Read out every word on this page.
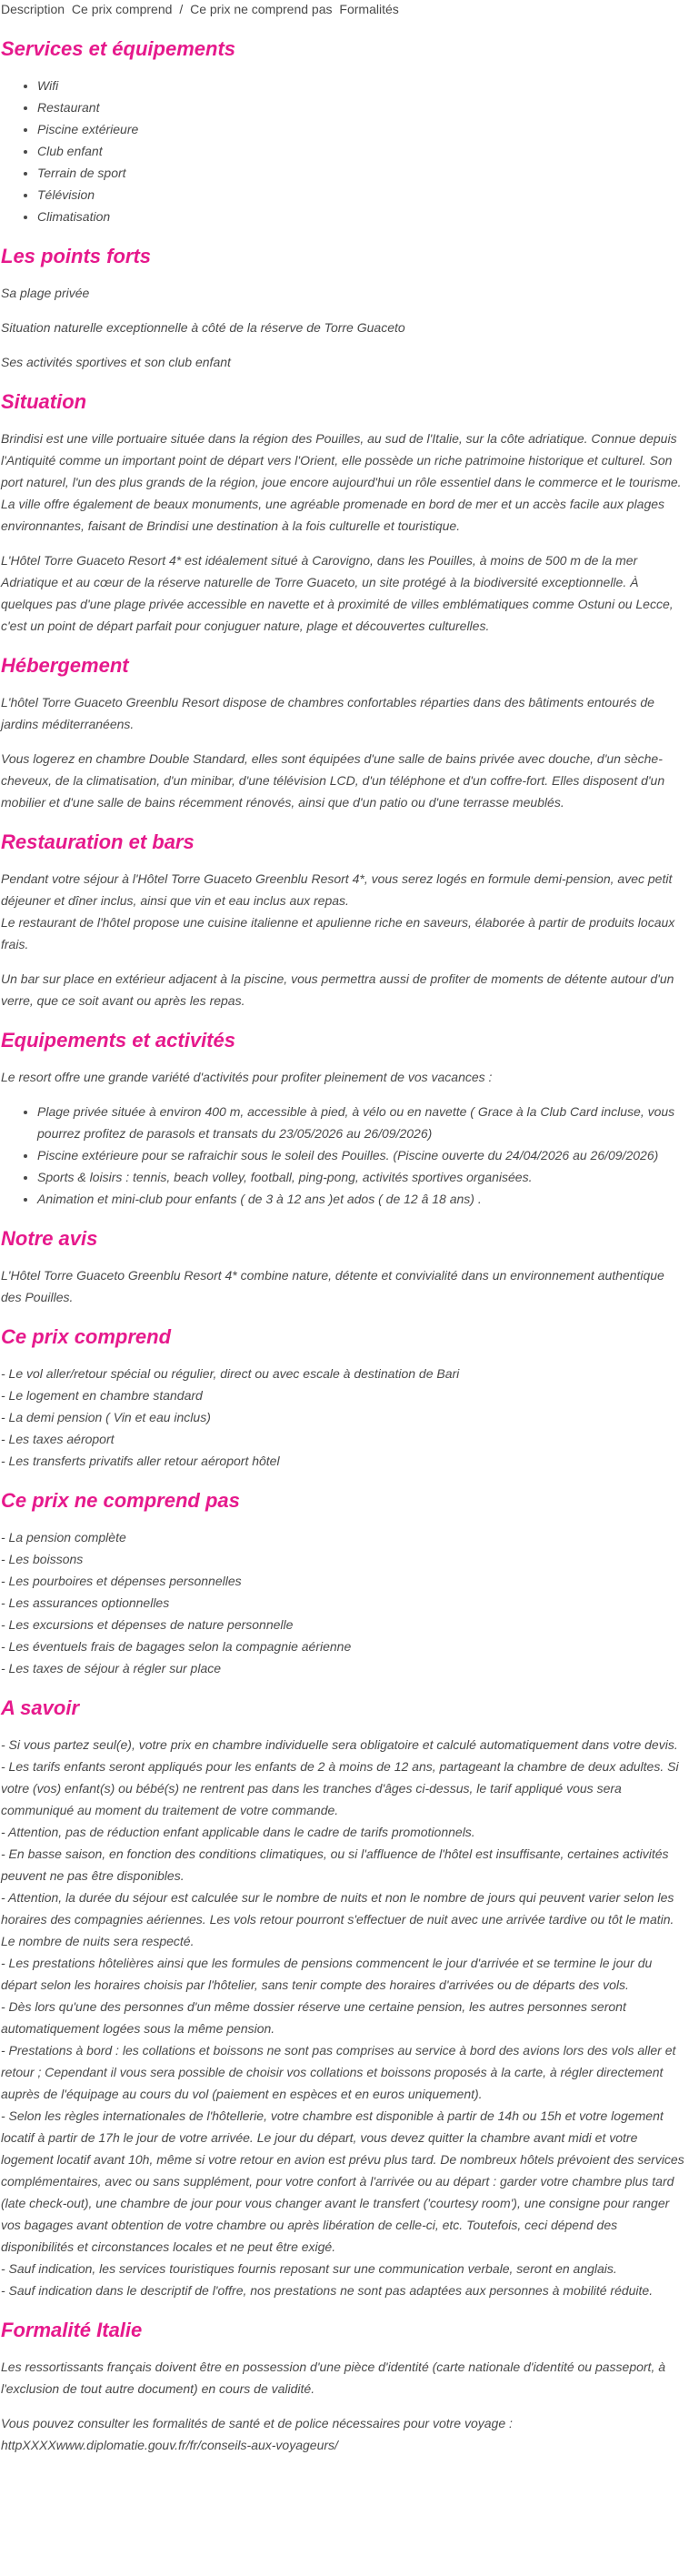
Description Ce prix comprend / Ce prix ne comprend pas Formalités
Services et équipements
• Wifi
• Restaurant
• Piscine extérieure
• Club enfant
• Terrain de sport
• Télévision
• Climatisation
Les points forts

Sa plage privée

Situation naturelle exceptionnelle à côté de la réserve de Torre Guaceto

Ses activités sportives et son club enfant

Situation

Brindisi est une ville portuaire située dans la région des Pouilles, au sud de l'Italie, sur la côte adriatique. Connue depuis l'Antiquité comme un important point de départ vers l'Orient, elle possède un riche patrimoine historique et culturel. Son port naturel, l'un des plus grands de la région, joue encore aujourd'hui un rôle essentiel dans le commerce et le tourisme. La ville offre également de beaux monuments, une agréable promenade en bord de mer et un accès facile aux plages environnantes, faisant de Brindisi une destination à la fois culturelle et touristique.

L'Hôtel Torre Guaceto Resort 4* est idéalement situé à Carovigno, dans les Pouilles, à moins de 500 m de la mer Adriatique et au cœur de la réserve naturelle de Torre Guaceto, un site protégé à la biodiversité exceptionnelle. À quelques pas d'une plage privée accessible en navette et à proximité de villes emblématiques comme Ostuni ou Lecce, c'est un point de départ parfait pour conjuguer nature, plage et découvertes culturelles.

Hébergement

L'hôtel Torre Guaceto Greenblu Resort dispose de chambres confortables réparties dans des bâtiments entourés de jardins méditerranéens.

Vous logerez en chambre Double Standard, elles sont équipées d'une salle de bains privée avec douche, d'un sèche-cheveux, de la climatisation, d'un minibar, d'une télévision LCD, d'un téléphone et d'un coffre-fort. Elles disposent d'un mobilier et d'une salle de bains récemment rénovés, ainsi que d'un patio ou d'une terrasse meublés.

Restauration et bars
Pendant votre séjour à l'Hôtel Torre Guaceto Greenblu Resort 4*, vous serez logés en formule demi-pension, avec petit déjeuner et dîner inclus, ainsi que vin et eau inclus aux repas.
Le restaurant de l'hôtel propose une cuisine italienne et apulienne riche en saveurs, élaborée à partir de produits locaux frais.

Un bar sur place en extérieur adjacent à la piscine, vous permettra aussi de profiter de moments de détente autour d'un verre, que ce soit avant ou après les repas.

Equipements et activités

Le resort offre une grande variété d'activités pour profiter pleinement de vos vacances :

• Plage privée située à environ 400 m, accessible à pied, à vélo ou en navette ( Grace à la Club Card incluse, vous pourrez profitez de parasols et transats du 23/05/2026 au 26/09/2026)
• Piscine extérieure pour se rafraichir sous le soleil des Pouilles. (Piscine ouverte du 24/04/2026 au 26/09/2026)
• Sports & loisirs : tennis, beach volley, football, ping-pong, activités sportives organisées.
• Animation et mini-club pour enfants ( de 3 à 12 ans )et ados ( de 12 â 18 ans) .
Notre avis

L'Hôtel Torre Guaceto Greenblu Resort 4* combine nature, détente et convivialité dans un environnement authentique des Pouilles.

Ce prix comprend
- Le vol aller/retour spécial ou régulier, direct ou avec escale à destination de Bari
- Le logement en chambre standard
- La demi pension ( Vin et eau inclus)
- Les taxes aéroport
- Les transferts privatifs aller retour aéroport hôtel
Ce prix ne comprend pas
- La pension complète
- Les boissons
- Les pourboires et dépenses personnelles
- Les assurances optionnelles
- Les excursions et dépenses de nature personnelle
- Les éventuels frais de bagages selon la compagnie aérienne
- Les taxes de séjour à régler sur place
A savoir
- Si vous partez seul(e), votre prix en chambre individuelle sera obligatoire et calculé automatiquement dans votre devis.
- Les tarifs enfants seront appliqués pour les enfants de 2 à moins de 12 ans, partageant la chambre de deux adultes. Si votre (vos) enfant(s) ou bébé(s) ne rentrent pas dans les tranches d'âges ci-dessus, le tarif appliqué vous sera communiqué au moment du traitement de votre commande.
- Attention, pas de réduction enfant applicable dans le cadre de tarifs promotionnels.
- En basse saison, en fonction des conditions climatiques, ou si l'affluence de l'hôtel est insuffisante, certaines activités peuvent ne pas être disponibles.
- Attention, la durée du séjour est calculée sur le nombre de nuits et non le nombre de jours qui peuvent varier selon les horaires des compagnies aériennes. Les vols retour pourront s'effectuer de nuit avec une arrivée tardive ou tôt le matin. Le nombre de nuits sera respecté.
- Les prestations hôtelières ainsi que les formules de pensions commencent le jour d'arrivée et se termine le jour du départ selon les horaires choisis par l'hôtelier, sans tenir compte des horaires d'arrivées ou de départs des vols.
- Dès lors qu'une des personnes d'un même dossier réserve une certaine pension, les autres personnes seront automatiquement logées sous la même pension.
- Prestations à bord : les collations et boissons ne sont pas comprises au service à bord des avions lors des vols aller et retour ; Cependant il vous sera possible de choisir vos collations et boissons proposés à la carte, à régler directement auprès de l'équipage au cours du vol (paiement en espèces et en euros uniquement).
- Selon les règles internationales de l'hôtellerie, votre chambre est disponible à partir de 14h ou 15h et votre logement locatif à partir de 17h le jour de votre arrivée. Le jour du départ, vous devez quitter la chambre avant midi et votre logement locatif avant 10h, même si votre retour en avion est prévu plus tard. De nombreux hôtels prévoient des services complémentaires, avec ou sans supplément, pour votre confort à l'arrivée ou au départ : garder votre chambre plus tard (late check-out), une chambre de jour pour vous changer avant le transfert ('courtesy room'), une consigne pour ranger vos bagages avant obtention de votre chambre ou après libération de celle-ci, etc. Toutefois, ceci dépend des disponibilités et circonstances locales et ne peut être exigé.
- Sauf indication, les services touristiques fournis reposant sur une communication verbale, seront en anglais.
- Sauf indication dans le descriptif de l'offre, nos prestations ne sont pas adaptées aux personnes à mobilité réduite.
Formalité Italie

Les ressortissants français doivent être en possession d'une pièce d'identité (carte nationale d'identité ou passeport, à l'exclusion de tout autre document) en cours de validité.

Vous pouvez consulter les formalités de santé et de police nécessaires pour votre voyage :
httpXXXXwww.diplomatie.gouv.fr/fr/conseils-aux-voyageurs/
